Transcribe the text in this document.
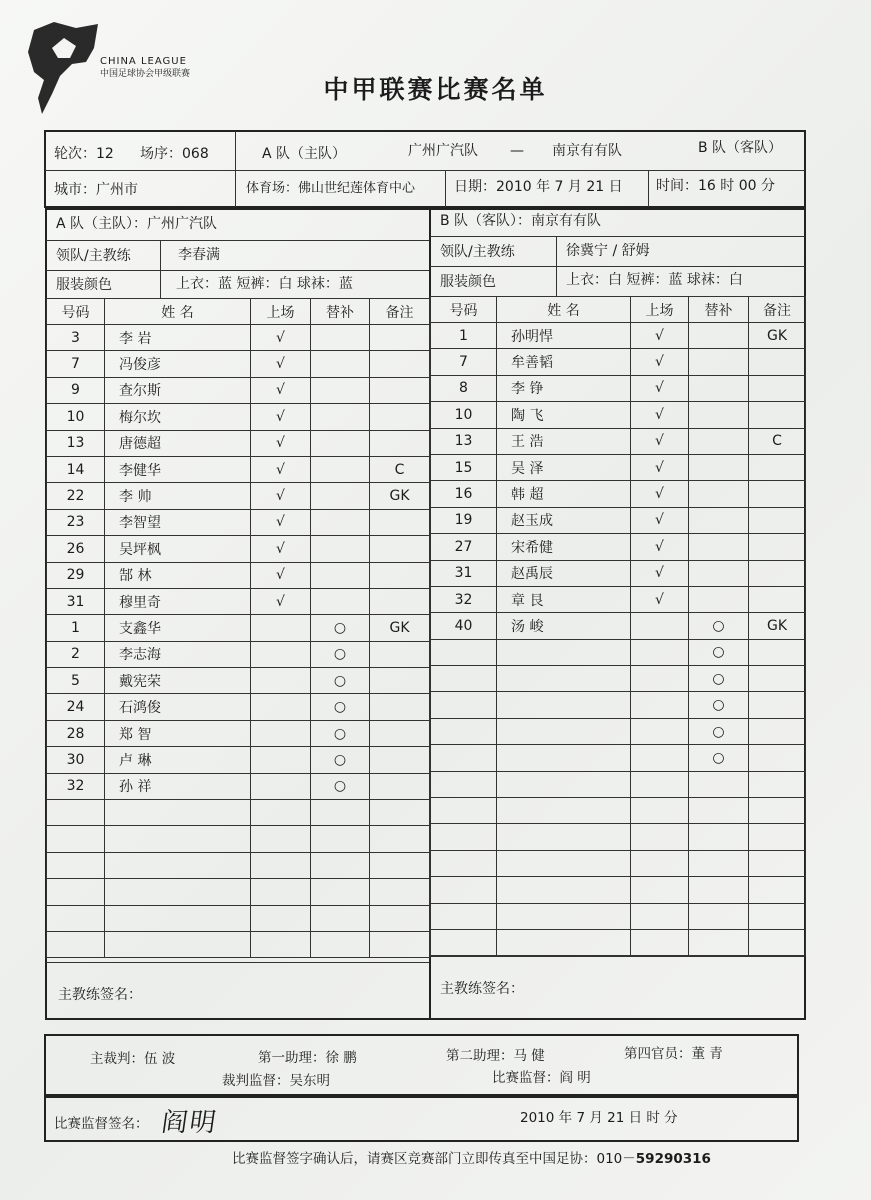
CHINA LEAGUE
中国足球协会甲级联赛
中甲联赛比赛名单
轮次：12 场序：068	A 队（主队）	广州广汽队 — 南京有有队	B 队（客队）
城市：广州市	体育场：佛山世纪莲体育中心	日期：2010 年 7 月 21 日 时间：16 时 00 分
A 队（主队）：广州广汽队
领队/主教练	李春满
服装颜色	上衣：蓝 短裤：白 球袜：蓝
B 队（客队）：南京有有队
领队/主教练	徐冀宁 / 舒姆
服装颜色	上衣：白 短裤：蓝 球袜：白
号码	姓 名	上场	替补	备注
3	李 岩	√		
7	冯俊彦	√		
9	查尔斯	√		
10	梅尔坎	√		
13	唐德超	√		
14	李健华	√		C
22	李 帅	√		GK
23	李智望	√		
26	吴坪枫	√		
29	郜 林	√		
31	穆里奇	√		
1	支鑫华		○	GK
2	李志海		○	
5	戴宪荣		○	
24	石鸿俊		○	
28	郑 智		○	
30	卢 琳		○	
32	孙 祥		○	

号码	姓 名	上场	替补	备注
1	孙明悍	√		GK
7	牟善韬	√		
8	李 铮	√		
10	陶 飞	√		
13	王 浩	√		C
15	吴 泽	√		
16	韩 超	√		
19	赵玉成	√		
27	宋希健	√		
31	赵禹辰	√		
32	章 艮	√		
40	汤 峻		○	GK
			○	
			○	
			○	
			○	
			○	

主教练签名：	主教练签名：
主裁判：伍 波	第一助理：徐 鹏	第二助理：马 健	第四官员：董 青
裁判监督：吴东明	比赛监督：阎 明
比赛监督签名： 阎明	2010 年 7 月 21 日 时 分
比赛监督签字确认后，请赛区竞赛部门立即传真至中国足协：010－59290316
